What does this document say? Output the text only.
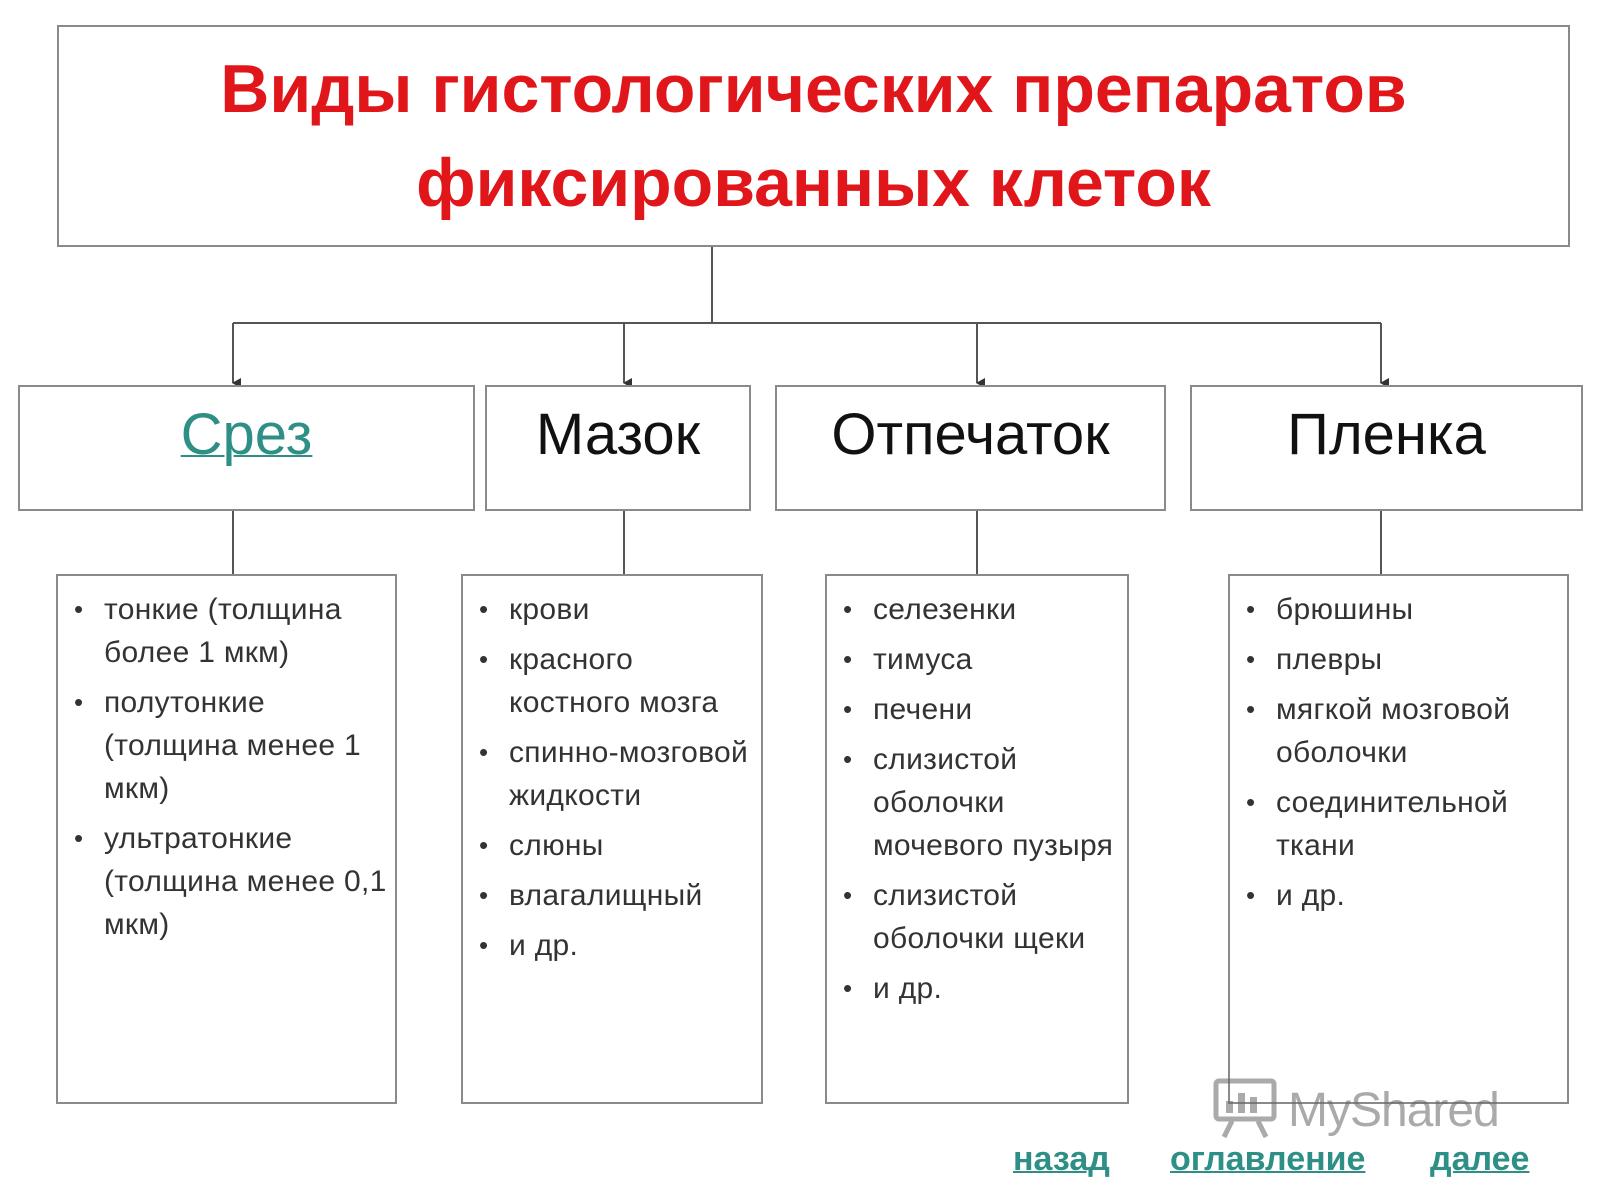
Виды гистологических препаратов
фиксированных клеток
Срез	Мазок Отпечаток	Пленка
• тонкие (толщина более 1 мкм)
• полутонкие (толщина менее 1 мкм)
• ультратонкие (толщина менее 0,1 мкм)
• крови
• красного костного мозга
• спинно-мозговой жидкости
• слюны
• влагалищный
• и др.
• селезенки
• тимуса
• печени
• слизистой оболочки мочевого пузыря
• слизистой оболочки щеки
• и др.
• брюшины
• плевры
• мягкой мозговой оболочки
• соединительной ткани
• и др.
MyShared
назад оглавление далее
